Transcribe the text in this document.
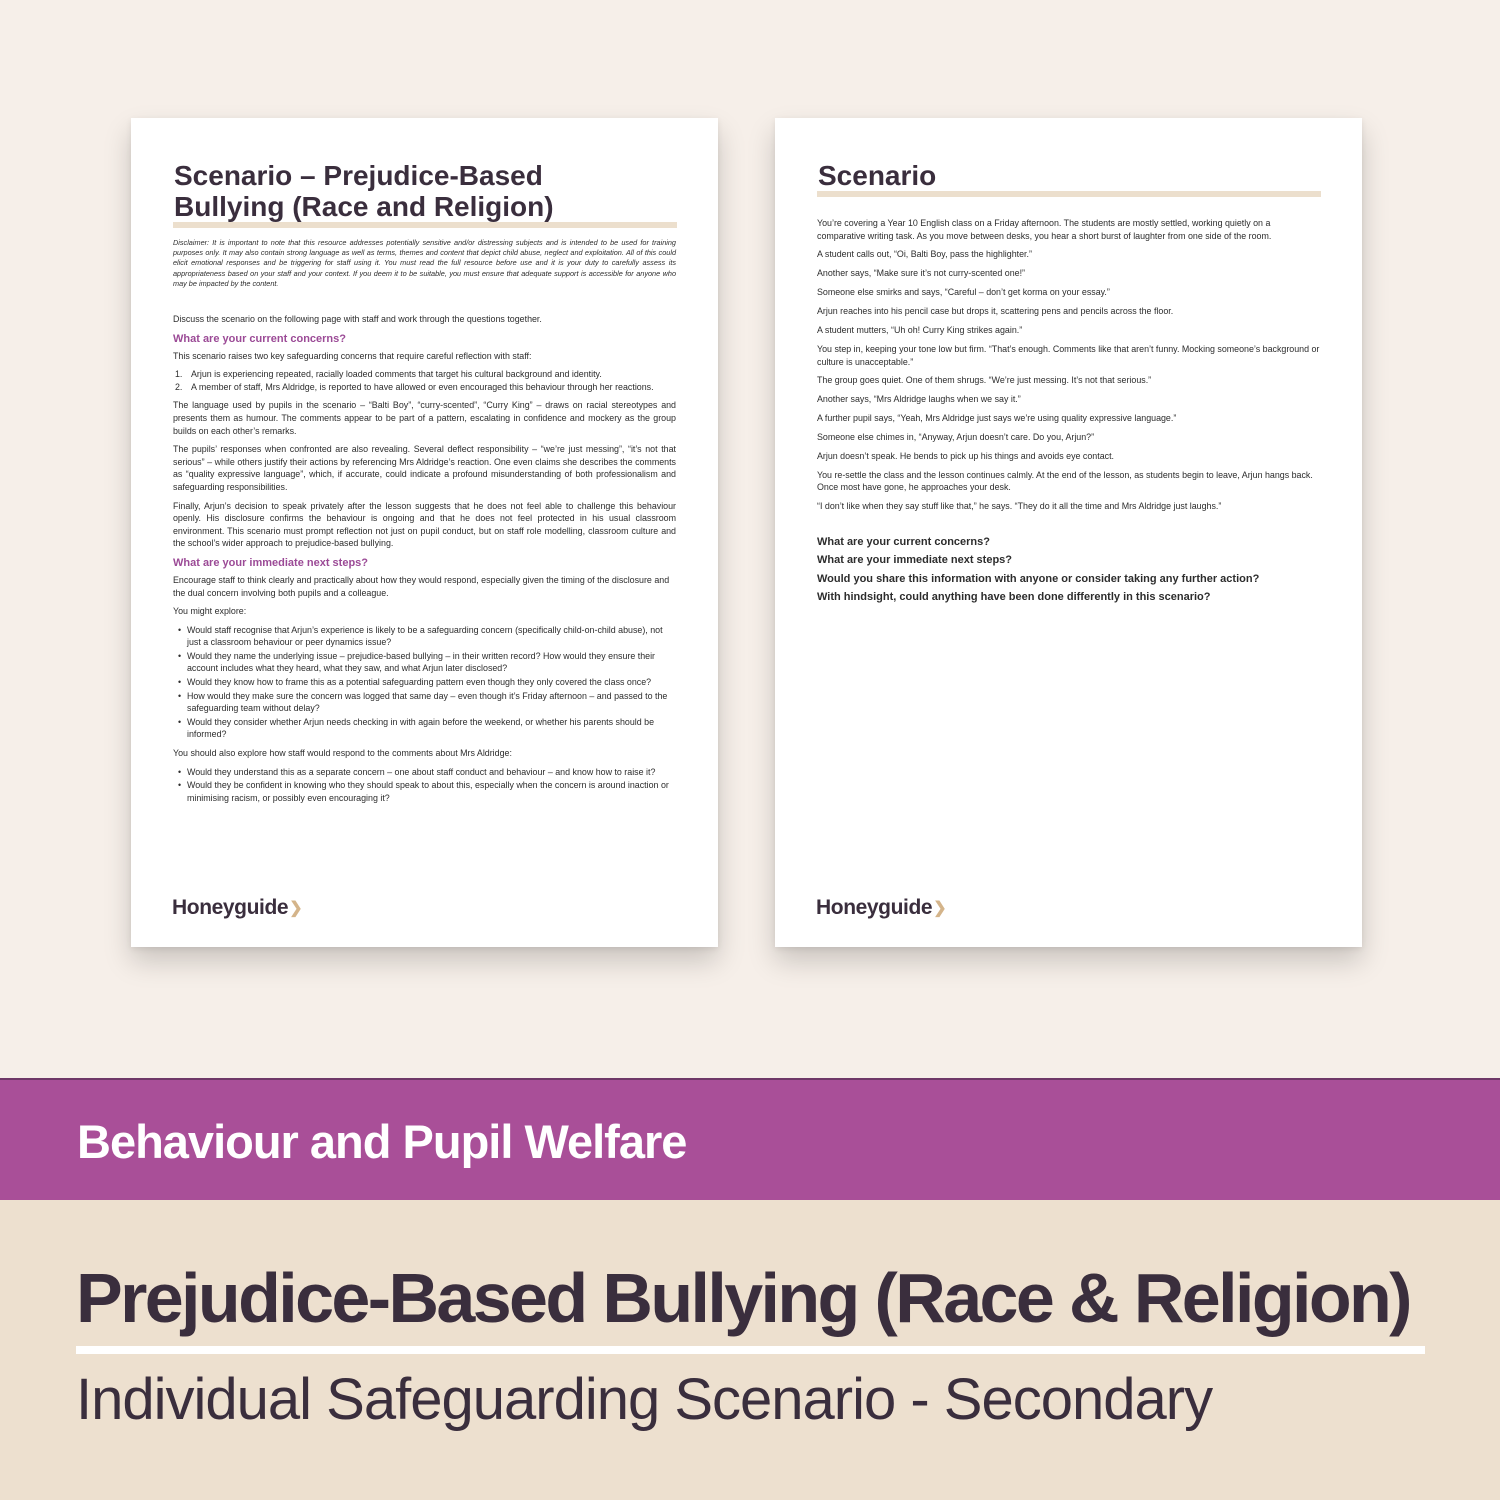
Scenario – Prejudice-Based
Bullying (Race and Religion)

Disclaimer: It is important to note that this resource addresses potentially sensitive and/or distressing subjects and is intended to be used for training purposes only. It may also contain strong language as well as terms, themes and content that depict child abuse, neglect and exploitation. All of this could elicit emotional responses and be triggering for staff using it. You must read the full resource before use and it is your duty to carefully assess its appropriateness based on your staff and your context. If you deem it to be suitable, you must ensure that adequate support is accessible for anyone who may be impacted by the content.

Discuss the scenario on the following page with staff and work through the questions together.

What are your current concerns?

This scenario raises two key safeguarding concerns that require careful reflection with staff:

1. Arjun is experiencing repeated, racially loaded comments that target his cultural background and identity.
2. A member of staff, Mrs Aldridge, is reported to have allowed or even encouraged this behaviour through her reactions.

The language used by pupils in the scenario – “Balti Boy”, “curry-scented”, “Curry King” – draws on racial stereotypes and presents them as humour. The comments appear to be part of a pattern, escalating in confidence and mockery as the group builds on each other’s remarks.

The pupils’ responses when confronted are also revealing. Several deflect responsibility – “we’re just messing”, “it’s not that serious” – while others justify their actions by referencing Mrs Aldridge’s reaction. One even claims she describes the comments as “quality expressive language”, which, if accurate, could indicate a profound misunderstanding of both professionalism and safeguarding responsibilities.

Finally, Arjun’s decision to speak privately after the lesson suggests that he does not feel able to challenge this behaviour openly. His disclosure confirms the behaviour is ongoing and that he does not feel protected in his usual classroom environment. This scenario must prompt reflection not just on pupil conduct, but on staff role modelling, classroom culture and the school’s wider approach to prejudice-based bullying.

What are your immediate next steps?

Encourage staff to think clearly and practically about how they would respond, especially given the timing of the disclosure and the dual concern involving both pupils and a colleague.

You might explore:

• Would staff recognise that Arjun’s experience is likely to be a safeguarding concern (specifically child-on-child abuse), not just a classroom behaviour or peer dynamics issue?
• Would they name the underlying issue – prejudice-based bullying – in their written record? How would they ensure their account includes what they heard, what they saw, and what Arjun later disclosed?
• Would they know how to frame this as a potential safeguarding pattern even though they only covered the class once?
• How would they make sure the concern was logged that same day – even though it’s Friday afternoon – and passed to the safeguarding team without delay?
• Would they consider whether Arjun needs checking in with again before the weekend, or whether his parents should be informed?

You should also explore how staff would respond to the comments about Mrs Aldridge:

• Would they understand this as a separate concern – one about staff conduct and behaviour – and know how to raise it?
• Would they be confident in knowing who they should speak to about this, especially when the concern is around inaction or minimising racism, or possibly even encouraging it?
Honeyguide❯
Scenario

You’re covering a Year 10 English class on a Friday afternoon. The students are mostly settled, working quietly on a comparative writing task. As you move between desks, you hear a short burst of laughter from one side of the room.

A student calls out, “Oi, Balti Boy, pass the highlighter.”

Another says, “Make sure it’s not curry-scented one!”

Someone else smirks and says, “Careful – don’t get korma on your essay.”

Arjun reaches into his pencil case but drops it, scattering pens and pencils across the floor.

A student mutters, “Uh oh! Curry King strikes again.”

You step in, keeping your tone low but firm. “That’s enough. Comments like that aren’t funny. Mocking someone’s background or culture is unacceptable.”

The group goes quiet. One of them shrugs. “We’re just messing. It’s not that serious.”

Another says, “Mrs Aldridge laughs when we say it.”

A further pupil says, “Yeah, Mrs Aldridge just says we’re using quality expressive language.”

Someone else chimes in, “Anyway, Arjun doesn’t care. Do you, Arjun?”

Arjun doesn’t speak. He bends to pick up his things and avoids eye contact.

You re-settle the class and the lesson continues calmly. At the end of the lesson, as students begin to leave, Arjun hangs back. Once most have gone, he approaches your desk.

“I don’t like when they say stuff like that,” he says. “They do it all the time and Mrs Aldridge just laughs.”

What are your current concerns?
What are your immediate next steps?
Would you share this information with anyone or consider taking any further action?
With hindsight, could anything have been done differently in this scenario?
Honeyguide❯
Behaviour and Pupil Welfare
Prejudice-Based Bullying (Race & Religion)
Individual Safeguarding Scenario - Secondary
